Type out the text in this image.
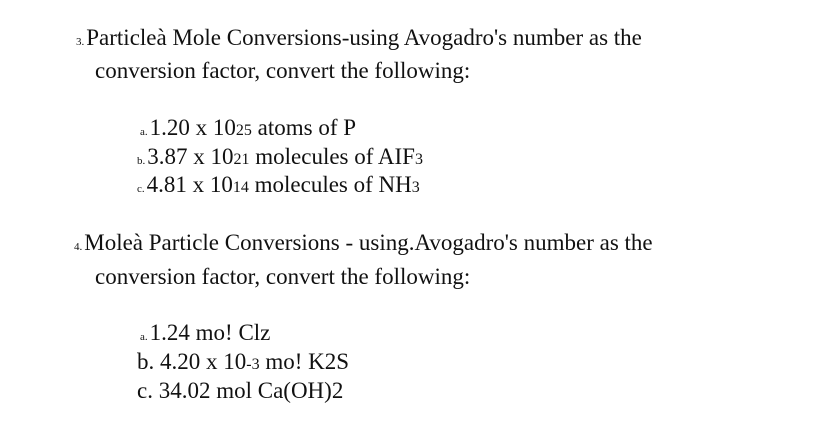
3.Particleà Mole Conversions-using Avogadro's number as the
conversion factor, convert the following:
a.1.20 x 1025 atoms of P
b.3.87 x 1021 molecules of AIF3
c.4.81 x 1014 molecules of NH3
4.Moleà Particle Conversions - using.Avogadro's number as the
conversion factor, convert the following:
a.1.24 mo! Clz
b. 4.20 x 10-3 mo! K2S
c. 34.02 mol Ca(OH)2
